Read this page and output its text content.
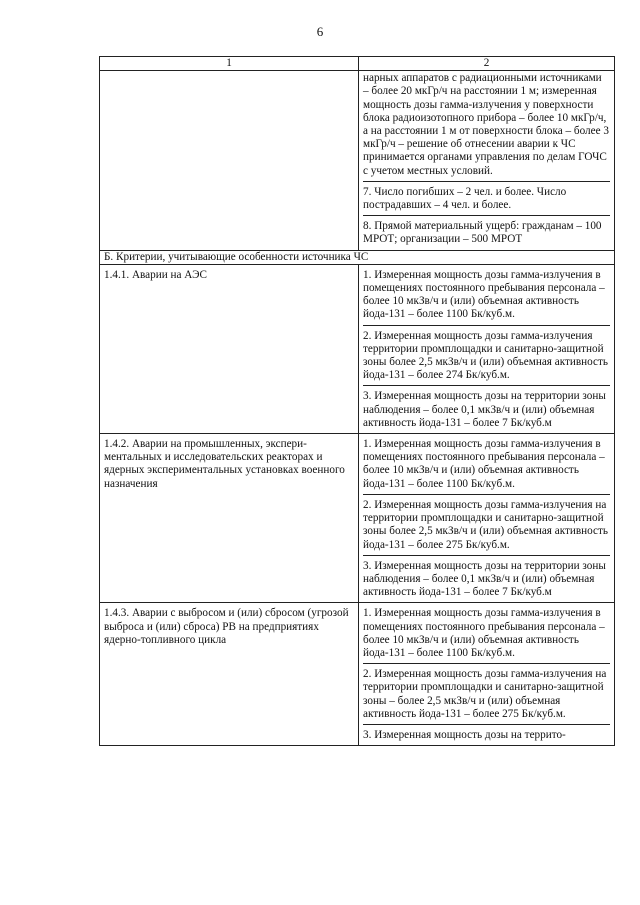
6
1	2

	нарных аппаратов с радиационными источниками – более 20 мкГр/ч на расстоянии 1 м; измеренная мощность дозы гамма-излучения у поверхности блока радиоизотопного прибора – более 10 мкГр/ч, а на расстоянии 1 м от поверхности блока – более 3 мкГр/ч – решение об отнесении аварии к ЧС принимается органами управления по делам ГОЧС с учетом местных условий.

7. Число погибших – 2 чел. и более. Число пострадавших – 4 чел. и более.

8. Прямой материальный ущерб: гражданам – 100 МРОТ; организации – 500 МРОТ

Б. Критерии, учитывающие особенности источника ЧС	
1.4.1. Аварии на АЭС	1. Измеренная мощность дозы гамма-излучения в помещениях постоянного пребывания персонала – более 10 мкЗв/ч и (или) объемная активность йода-131 – более 1100 Бк/куб.м.

2. Измеренная мощность дозы гамма-излучения территории промплощадки и санитарно-защитной зоны более 2,5 мкЗв/ч и (или) объемная активность йода-131 – более 274 Бк/куб.м.

3. Измеренная мощность дозы на территории зоны наблюдения – более 0,1 мкЗв/ч и (или) объемная активность йода-131 – более 7 Бк/куб.м

1.4.2. Аварии на промышленных, экспериментальных и исследовательских реакторах и ядерных экспериментальных установках военного назначения	1. Измеренная мощность дозы гамма-излучения в помещениях постоянного пребывания персонала – более 10 мкЗв/ч и (или) объемная активность йода-131 – более 1100 Бк/куб.м.

2. Измеренная мощность дозы гамма-излучения на территории промплощадки и санитарно-защитной зоны более 2,5 мкЗв/ч и (или) объемная активность йода-131 – более 275 Бк/куб.м.

3. Измеренная мощность дозы на территории зоны наблюдения – более 0,1 мкЗв/ч и (или) объемная активность йода-131 – более 7 Бк/куб.м

1.4.3. Аварии с выбросом и (или) сбросом (угрозой выброса и (или) сброса) РВ на предприятиях ядерно-топливного цикла	1. Измеренная мощность дозы гамма-излучения в помещениях постоянного пребывания персонала – более 10 мкЗв/ч и (или) объемная активность йода-131 – более 1100 Бк/куб.м.

2. Измеренная мощность дозы гамма-излучения на территории промплощадки и санитарно-защитной зоны – более 2,5 мкЗв/ч и (или) объемная активность йода-131 – более 275 Бк/куб.м.

3. Измеренная мощность дозы на террито-
